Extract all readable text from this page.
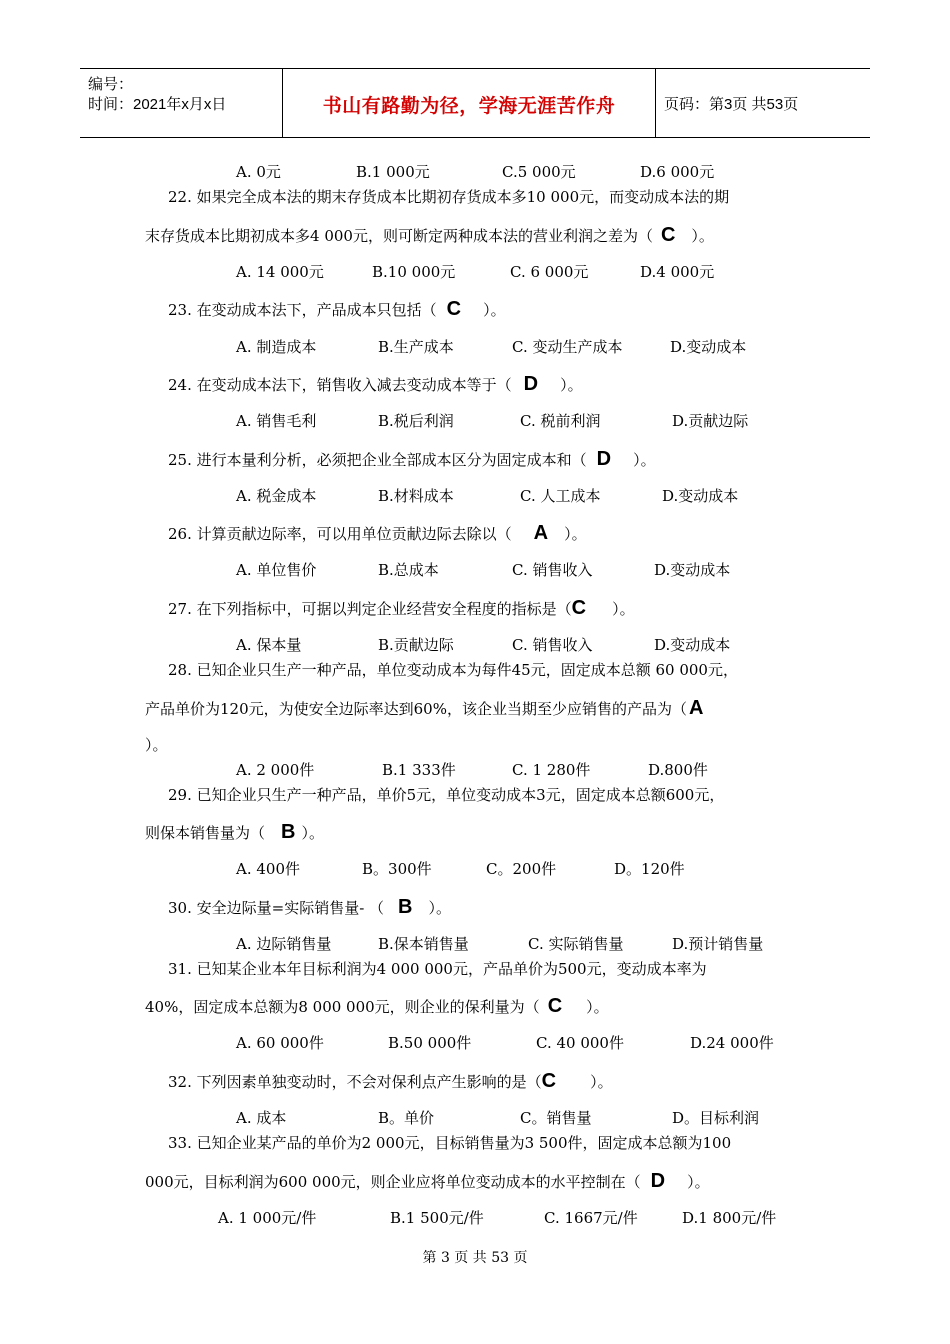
编号：
时间：2021年x月x日	书山有路勤为径，学海无涯苦作舟	页码：第3页 共53页
A. 0元	B.1 000元	C.5 000元	D.6 000元
22. 如果完全成本法的期末存货成本比期初存货成本多10 000元，而变动成本法的期
末存货成本比期初成本多4 000元，则可断定两种成本法的营业利润之差为（ C ）。
A. 14 000元	B.10 000元	C. 6 000元	D.4 000元
23. 在变动成本法下，产品成本只包括（ C ）。
A. 制造成本	B.生产成本	C. 变动生产成本	D.变动成本
24. 在变动成本法下，销售收入减去变动成本等于（ D ）。
A. 销售毛利	B.税后利润	C. 税前利润	D.贡献边际
25. 进行本量利分析，必须把企业全部成本区分为固定成本和（ D ）。
A. 税金成本	B.材料成本	C. 人工成本	D.变动成本
26. 计算贡献边际率，可以用单位贡献边际去除以（ A ）。
A. 单位售价	B.总成本	C. 销售收入	D.变动成本
27. 在下列指标中，可据以判定企业经营安全程度的指标是（C ）。
A. 保本量	B.贡献边际	C. 销售收入	D.变动成本
28. 已知企业只生产一种产品，单位变动成本为每件45元，固定成本总额 60 000元，
产品单价为120元，为使安全边际率达到60%，该企业当期至少应销售的产品为（ A
）。
A. 2 000件	B.1 333件	C. 1 280件	D.800件
29. 已知企业只生产一种产品，单价5元，单位变动成本3元，固定成本总额600元，
则保本销售量为（ B ）。
A. 400件	B。300件	C。200件	D。120件
30. 安全边际量=实际销售量- （ B ）。
A. 边际销售量	B.保本销售量	C. 实际销售量	D.预计销售量
31. 已知某企业本年目标利润为4 000 000元，产品单价为500元，变动成本率为
40%，固定成本总额为8 000 000元，则企业的保利量为（ C ）。
A. 60 000件	B.50 000件	C. 40 000件	D.24 000件
32. 下列因素单独变动时，不会对保利点产生影响的是（C ）。
A. 成本	B。单价	C。销售量	D。目标利润
33. 已知企业某产品的单价为2 000元，目标销售量为3 500件，固定成本总额为100
000元，目标利润为600 000元，则企业应将单位变动成本的水平控制在（ D ）。
A. 1 000元/件	B.1 500元/件	C. 1667元/件	D.1 800元/件
第 3 页 共 53 页
